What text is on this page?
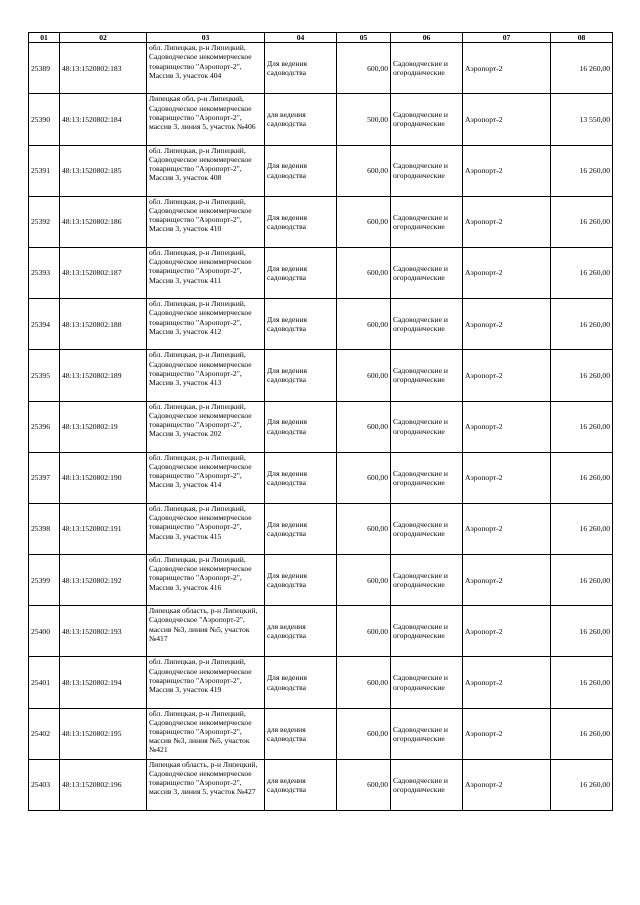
01	02	03	04	05	06	07	08
25389	48:13:1520802:183	обл. Липецкая, р-н Липецкий, Садоводческое некоммерческое товарищество "Аэропорт-2", Массив 3, участок 404	Для ведения садоводства	600,00	Садоводческие и огороднические	Аэропорт-2	16 260,00
25390	48:13:1520802:184	Липецкая обл, р-н Липецкий, Садоводческое некоммерческое товарищество "Аэропорт-2", массив 3, линия 5, участок №406	для ведения садоводства	500,00	Садоводческие и огороднические	Аэропорт-2	13 550,00
25391	48:13:1520802:185	обл. Липецкая, р-н Липецкий, Садоводческое некоммерческое товарищество "Аэропорт-2", Массив 3, участок 408	Для ведения садоводства	600,00	Садоводческие и огороднические	Аэропорт-2	16 260,00
25392	48:13:1520802:186	обл. Липецкая, р-н Липецкий, Садоводческое некоммерческое товарищество "Аэропорт-2", Массив 3, участок 410	Для ведения садоводства	600,00	Садоводческие и огороднические	Аэропорт-2	16 260,00
25393	48:13:1520802:187	обл. Липецкая, р-н Липецкий, Садоводческое некоммерческое товарищество "Аэропорт-2", Массив 3, участок 411	Для ведения садоводства	600,00	Садоводческие и огороднические	Аэропорт-2	16 260,00
25394	48:13:1520802:188	обл. Липецкая, р-н Липецкий, Садоводческое некоммерческое товарищество "Аэропорт-2", Массив 3, участок 412	Для ведения садоводства	600,00	Садоводческие и огороднические	Аэропорт-2	16 260,00
25395	48:13:1520802:189	обл. Липецкая, р-н Липецкий, Садоводческое некоммерческое товарищество "Аэропорт-2", Массив 3, участок 413	Для ведения садоводства	600,00	Садоводческие и огороднические	Аэропорт-2	16 260,00
25396	48:13:1520802:19	обл. Липецкая, р-н Липецкий, Садоводческое некоммерческое товарищество "Аэропорт-2", Массив 3, участок 202	Для ведения садоводства	600,00	Садоводческие и огороднические	Аэропорт-2	16 260,00
25397	48:13:1520802:190	обл. Липецкая, р-н Липецкий, Садоводческое некоммерческое товарищество "Аэропорт-2", Массив 3, участок 414	Для ведения садоводства	600,00	Садоводческие и огороднические	Аэропорт-2	16 260,00
25398	48:13:1520802:191	обл. Липецкая, р-н Липецкий, Садоводческое некоммерческое товарищество "Аэропорт-2", Массив 3, участок 415	Для ведения садоводства	600,00	Садоводческие и огороднические	Аэропорт-2	16 260,00
25399	48:13:1520802:192	обл. Липецкая, р-н Липецкий, Садоводческое некоммерческое товарищество "Аэропорт-2", Массив 3, участок 416	Для ведения садоводства	600,00	Садоводческие и огороднические	Аэропорт-2	16 260,00
25400	48:13:1520802:193	Липецкая область, р-н Липецкий, Садоводческое "Аэропорт-2", массив №3, линия №5, участок №417	для ведения садоводства	600,00	Садоводческие и огороднические	Аэропорт-2	16 260,00
25401	48:13:1520802:194	обл. Липецкая, р-н Липецкий, Садоводческое некоммерческое товарищество "Аэропорт-2", Массив 3, участок 419	Для ведения садоводства	600,00	Садоводческие и огороднические	Аэропорт-2	16 260,00
25402	48:13:1520802:195	обл. Липецкая, р-н Липецкий, Садоводческое некоммерческое товарищество "Аэропорт-2", массив №3, линия №5, участок №421	для ведения садоводства	600,00	Садоводческие и огороднические	Аэропорт-2	16 260,00
25403	48:13:1520802:196	Липецкая область, р-н Липецкий, Садоводческое некоммерческое товарищество "Аэропорт-2", массив 3, линия 5, участок №427	для ведения садоводства	600,00	Садоводческие и огороднические	Аэропорт-2	16 260,00
